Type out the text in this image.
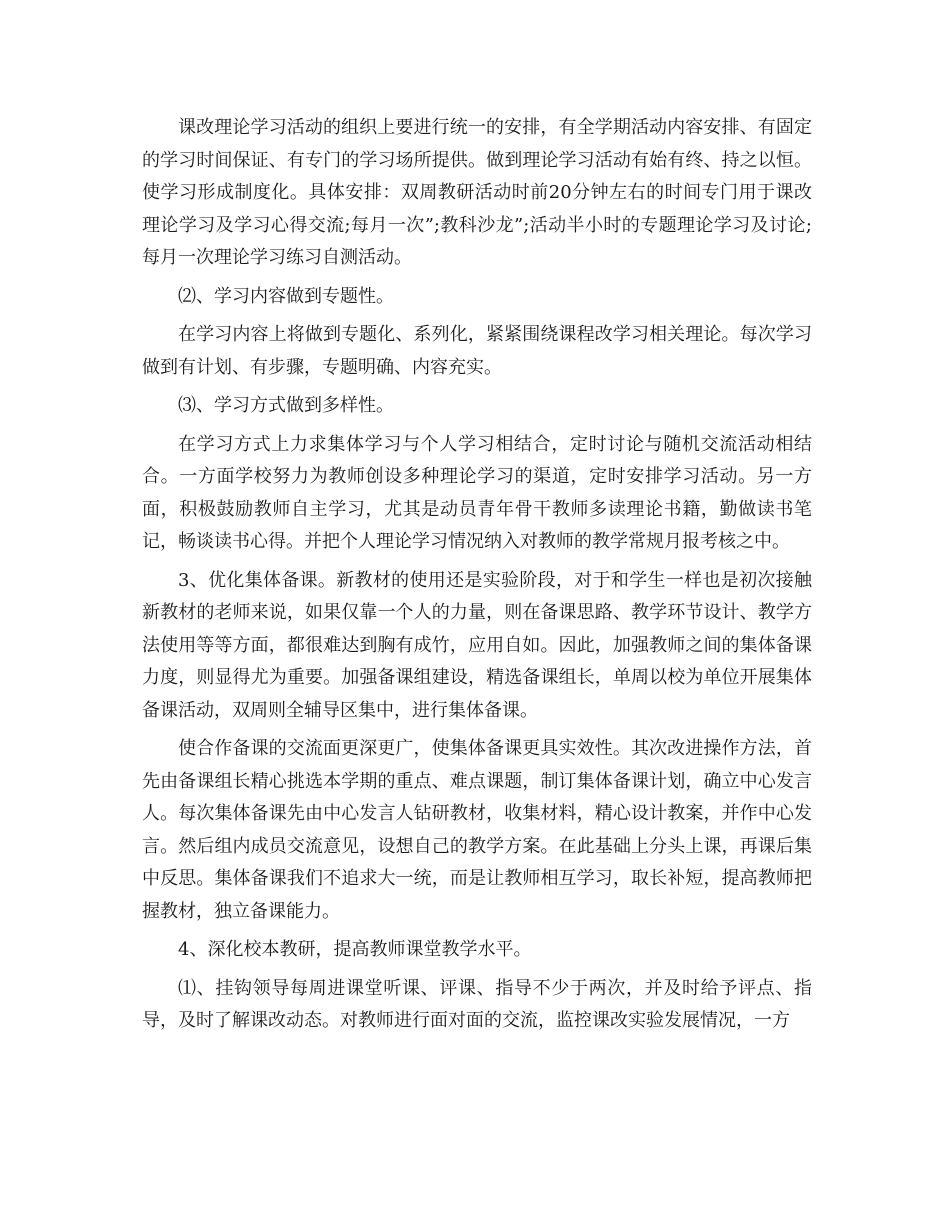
课改理论学习活动的组织上要进行统一的安排，有全学期活动内容安排、有固定的学习时间保证、有专门的学习场所提供。做到理论学习活动有始有终、持之以恒。使学习形成制度化。具体安排：双周教研活动时前20分钟左右的时间专门用于课改理论学习及学习心得交流;每月一次”;教科沙龙”;活动半小时的专题理论学习及讨论;每月一次理论学习练习自测活动。

⑵、学习内容做到专题性。

在学习内容上将做到专题化、系列化，紧紧围绕课程改学习相关理论。每次学习做到有计划、有步骤，专题明确、内容充实。

⑶、学习方式做到多样性。

在学习方式上力求集体学习与个人学习相结合，定时讨论与随机交流活动相结合。一方面学校努力为教师创设多种理论学习的渠道，定时安排学习活动。另一方面，积极鼓励教师自主学习，尤其是动员青年骨干教师多读理论书籍，勤做读书笔记，畅谈读书心得。并把个人理论学习情况纳入对教师的教学常规月报考核之中。

3、优化集体备课。新教材的使用还是实验阶段，对于和学生一样也是初次接触新教材的老师来说，如果仅靠一个人的力量，则在备课思路、教学环节设计、教学方法使用等等方面，都很难达到胸有成竹，应用自如。因此，加强教师之间的集体备课力度，则显得尤为重要。加强备课组建设，精选备课组长，单周以校为单位开展集体备课活动，双周则全辅导区集中，进行集体备课。

使合作备课的交流面更深更广，使集体备课更具实效性。其次改进操作方法，首先由备课组长精心挑选本学期的重点、难点课题，制订集体备课计划，确立中心发言人。每次集体备课先由中心发言人钻研教材，收集材料，精心设计教案，并作中心发言。然后组内成员交流意见，设想自己的教学方案。在此基础上分头上课，再课后集中反思。集体备课我们不追求大一统，而是让教师相互学习，取长补短，提高教师把握教材，独立备课能力。

4、深化校本教研，提高教师课堂教学水平。

⑴、挂钩领导每周进课堂听课、评课、指导不少于两次，并及时给予评点、指导，及时了解课改动态。对教师进行面对面的交流，监控课改实验发展情况，一方
